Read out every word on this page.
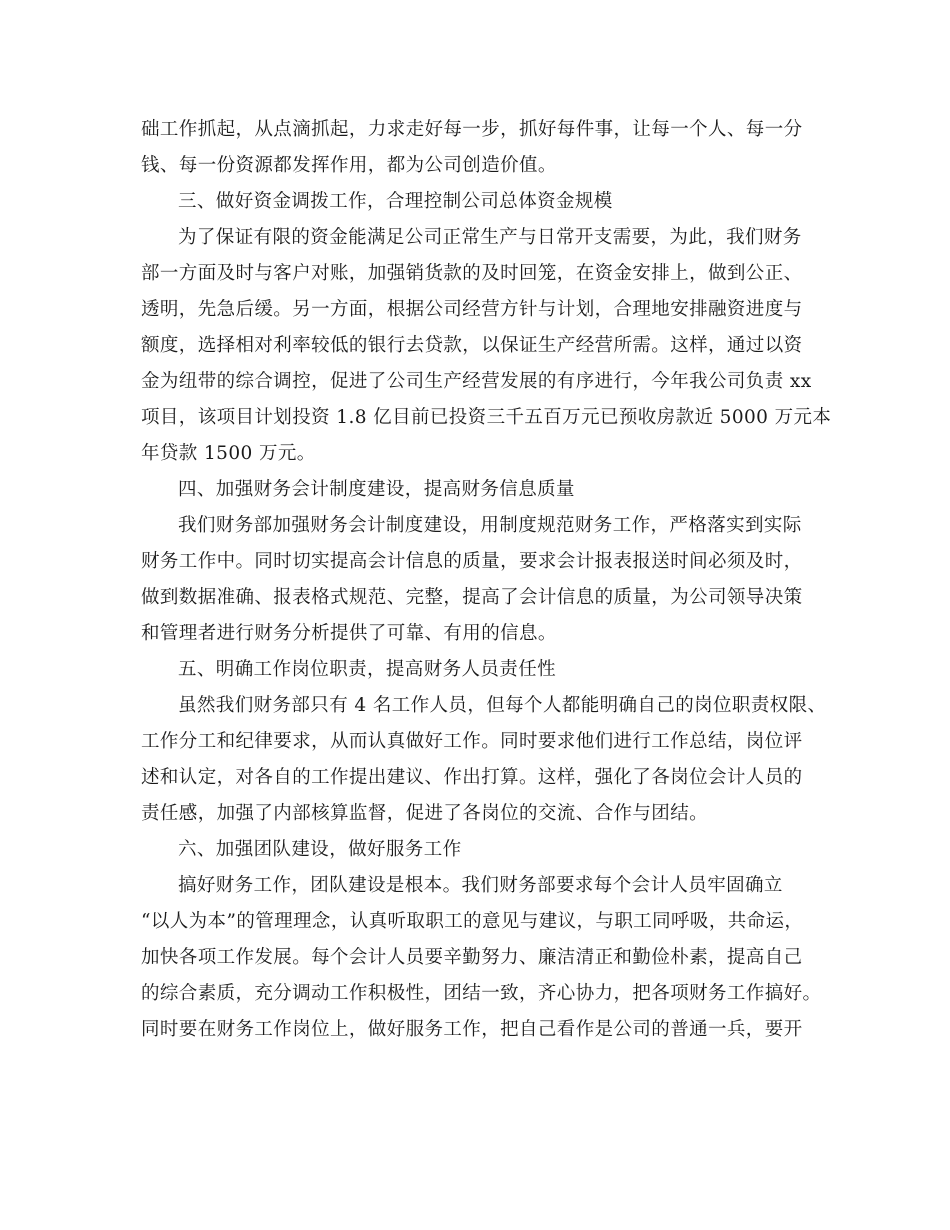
础工作抓起，从点滴抓起，力求走好每一步，抓好每件事，让每一个人、每一分
钱、每一份资源都发挥作用，都为公司创造价值。
三、做好资金调拨工作，合理控制公司总体资金规模
为了保证有限的资金能满足公司正常生产与日常开支需要，为此，我们财务
部一方面及时与客户对账，加强销货款的及时回笼，在资金安排上，做到公正、
透明，先急后缓。另一方面，根据公司经营方针与计划，合理地安排融资进度与
额度，选择相对利率较低的银行去贷款，以保证生产经营所需。这样，通过以资
金为纽带的综合调控，促进了公司生产经营发展的有序进行，今年我公司负责 xx
项目，该项目计划投资 1.8 亿目前已投资三千五百万元已预收房款近 5000 万元本
年贷款 1500 万元。
四、加强财务会计制度建设，提高财务信息质量
我们财务部加强财务会计制度建设，用制度规范财务工作，严格落实到实际
财务工作中。同时切实提高会计信息的质量，要求会计报表报送时间必须及时，
做到数据准确、报表格式规范、完整，提高了会计信息的质量，为公司领导决策
和管理者进行财务分析提供了可靠、有用的信息。
五、明确工作岗位职责，提高财务人员责任性
虽然我们财务部只有 4 名工作人员，但每个人都能明确自己的岗位职责权限、
工作分工和纪律要求，从而认真做好工作。同时要求他们进行工作总结，岗位评
述和认定，对各自的工作提出建议、作出打算。这样，强化了各岗位会计人员的
责任感，加强了内部核算监督，促进了各岗位的交流、合作与团结。
六、加强团队建设，做好服务工作
搞好财务工作，团队建设是根本。我们财务部要求每个会计人员牢固确立
“以人为本”的管理理念，认真听取职工的意见与建议，与职工同呼吸，共命运，
加快各项工作发展。每个会计人员要辛勤努力、廉洁清正和勤俭朴素，提高自己
的综合素质，充分调动工作积极性，团结一致，齐心协力，把各项财务工作搞好。
同时要在财务工作岗位上，做好服务工作，把自己看作是公司的普通一兵，要开
